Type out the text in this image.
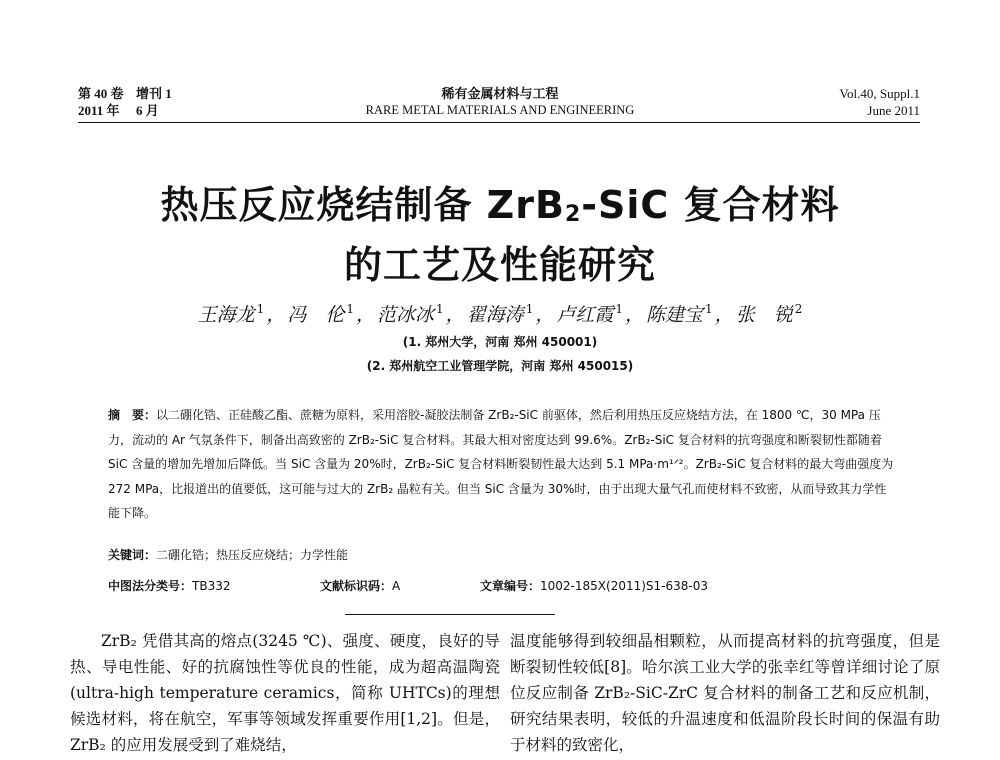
第 40 卷 增刊 1
2011 年 6 月
稀有金属材料与工程
RARE METAL MATERIALS AND ENGINEERING
Vol.40, Suppl.1
June 2011
热压反应烧结制备 ZrB$_2$-SiC 复合材料
的工艺及性能研究
王海龙 $^1$ ， 冯　伦 $^1$ ， 范冰冰 $^1$ ， 翟海涛 $^1$ ， 卢红霞 $^1$ ， 陈建宝 $^1$ ， 张　锐 $^2$
(1. 郑州大学，河南 郑州 450001)
(2. 郑州航空工业管理学院，河南 郑州 450015)

摘　要：以二硼化锆、正硅酸乙酯、蔗糖为原料，采用溶胶-凝胶法制备 ZrB₂-SiC 前驱体，然后利用热压反应烧结方法，在 1800 ℃，30 MPa 压力，流动的 Ar 气氛条件下，制备出高致密的 ZrB₂-SiC 复合材料。其最大相对密度达到 99.6%。ZrB₂-SiC 复合材料的抗弯强度和断裂韧性都随着 SiC 含量的增加先增加后降低。当 SiC 含量为 20%时，ZrB₂-SiC 复合材料断裂韧性最大达到 5.1 MPa·m¹ᐟ²。ZrB₂-SiC 复合材料的最大弯曲强度为 272 MPa，比报道出的值要低，这可能与过大的 ZrB₂ 晶粒有关。但当 SiC 含量为 30%时，由于出现大量气孔而使材料不致密，从而导致其力学性能下降。

关键词：二硼化锆；热压反应烧结；力学性能
中图法分类号：TB332	文献标识码：A	文章编号：1002-185X(2011)S1-638-03

ZrB₂ 凭借其高的熔点(3245 ℃)、强度、硬度，良好的导热、导电性能、好的抗腐蚀性等优良的性能，成为超高温陶瓷(ultra-high temperature ceramics，简称 UHTCs)的理想候选材料，将在航空，军事等领域发挥重要作用[1,2]。但是，ZrB₂ 的应用发展受到了难烧结，

温度能够得到较细晶相颗粒，从而提高材料的抗弯强度，但是断裂韧性较低[8]。哈尔滨工业大学的张幸红等曾详细讨论了原位反应制备 ZrB₂-SiC-ZrC 复合材料的制备工艺和反应机制，研究结果表明，较低的升温速度和低温阶段长时间的保温有助于材料的致密化，
